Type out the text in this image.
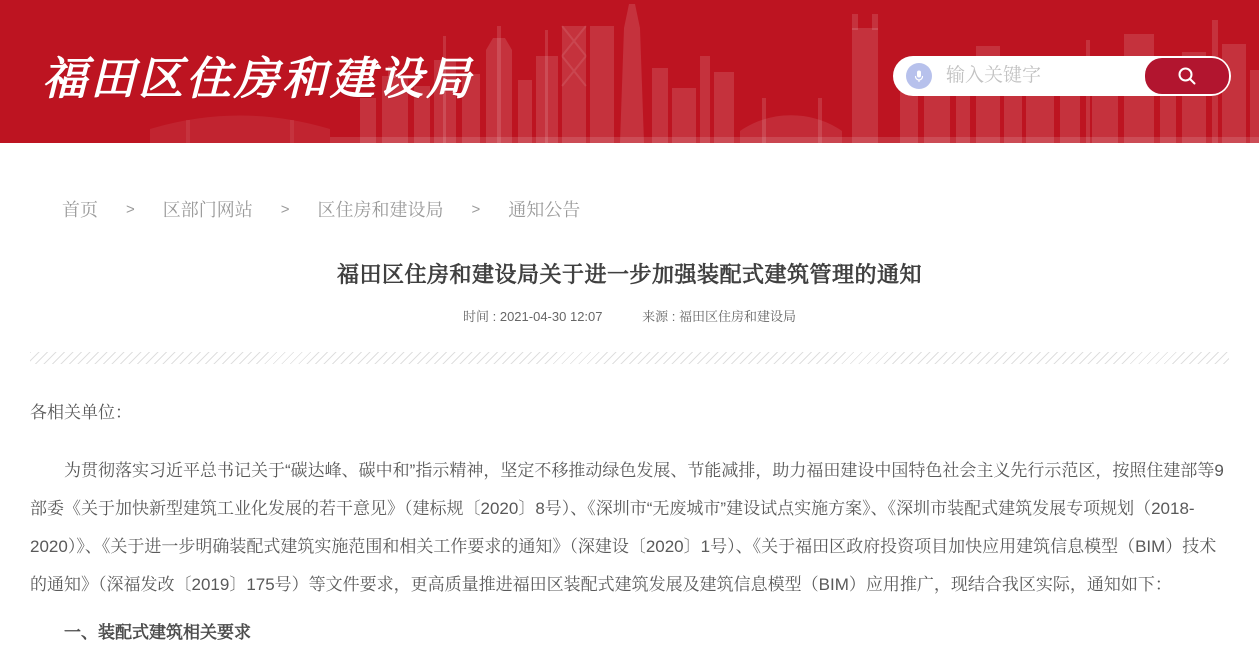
福田区住房和建设局
输入关键字
首页 > 区部门网站 > 区住房和建设局 > 通知公告
福田区住房和建设局关于进一步加强装配式建筑管理的通知
时间 : 2021-04-30 12:07	来源 : 福田区住房和建设局

各相关单位：

为贯彻落实习近平总书记关于“碳达峰、碳中和”指示精神，坚定不移推动绿色发展、节能减排，助力福田建设中国特色社会主义先行示范区，按照住建部等9部委《关于加快新型建筑工业化发展的若干意见》（建标规〔2020〕8号）、《深圳市“无废城市”建设试点实施方案》、《深圳市装配式建筑发展专项规划（2018-2020）》、《关于进一步明确装配式建筑实施范围和相关工作要求的通知》（深建设〔2020〕1号）、《关于福田区政府投资项目加快应用建筑信息模型（BIM）技术的通知》（深福发改〔2019〕175号）等文件要求，更高质量推进福田区装配式建筑发展及建筑信息模型（BIM）应用推广，现结合我区实际，通知如下：

一、装配式建筑相关要求
